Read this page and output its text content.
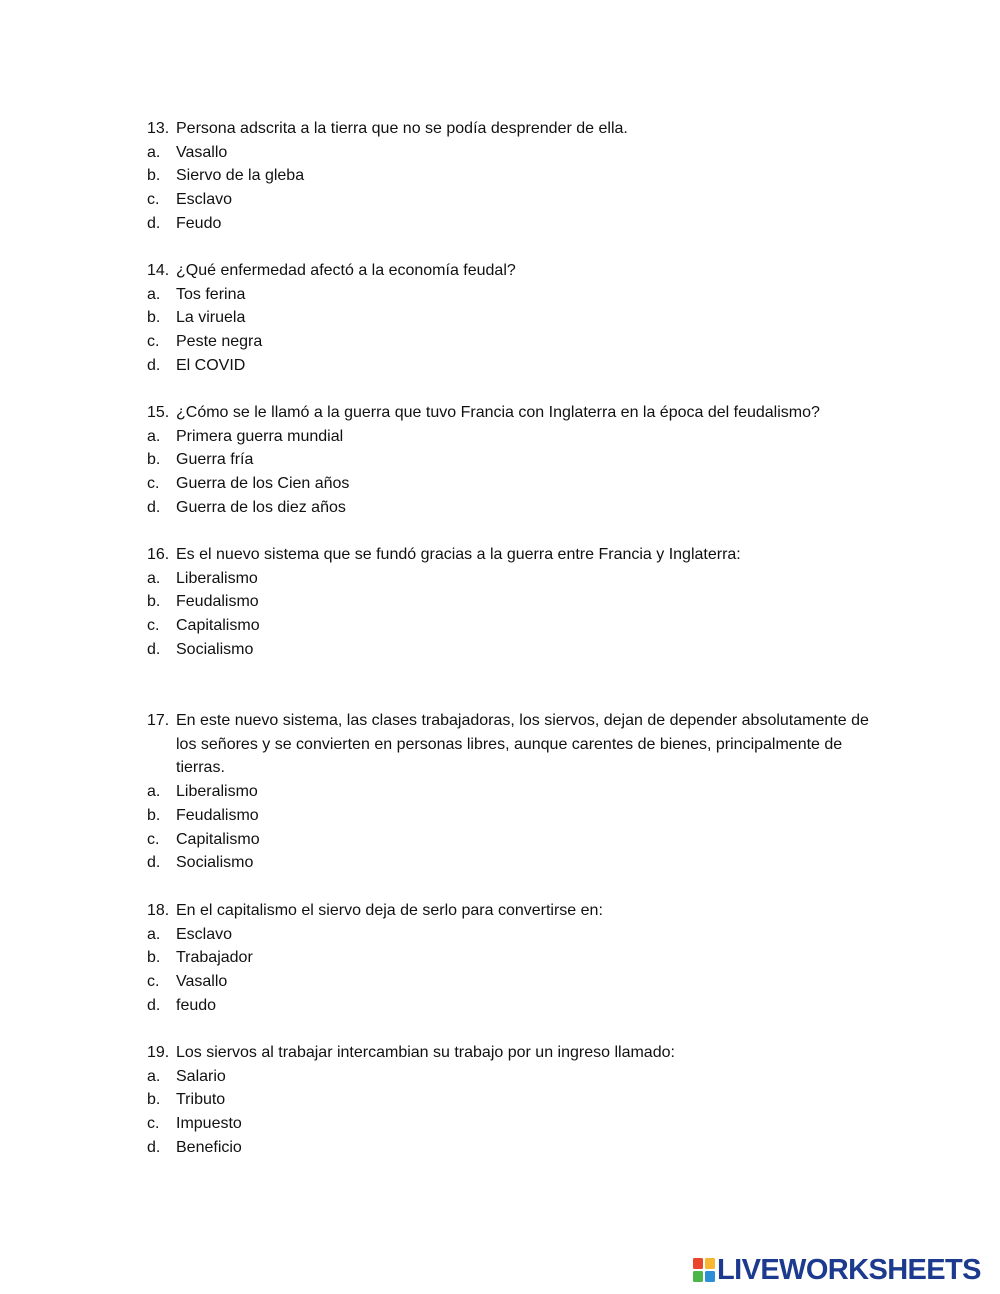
13. Persona adscrita a la tierra que no se podía desprender de ella.
a. Vasallo
b. Siervo de la gleba
c.	Esclavo
d. Feudo
14. ¿Qué enfermedad afectó a la economía feudal?
a. Tos ferina
b. La viruela
c.	Peste negra
d. El COVID
15. ¿Cómo se le llamó a la guerra que tuvo Francia con Inglaterra en la época del feudalismo?
a. Primera guerra mundial
b. Guerra fría
c.	Guerra de los Cien años
d. Guerra de los diez años
16. Es el nuevo sistema que se fundó gracias a la guerra entre Francia y Inglaterra:
a. Liberalismo
b. Feudalismo
c.	Capitalismo
d. Socialismo
17. En este nuevo sistema, las clases trabajadoras, los siervos, dejan de depender absolutamente de los señores y se convierten en personas libres, aunque carentes de bienes, principalmente de tierras.
a. Liberalismo
b. Feudalismo
c.	Capitalismo
d. Socialismo
18. En el capitalismo el siervo deja de serlo para convertirse en:
a. Esclavo
b. Trabajador
c.	Vasallo
d. feudo
19. Los siervos al trabajar intercambian su trabajo por un ingreso llamado:
a. Salario
b. Tributo
c.	Impuesto
d. Beneficio
LIVEWORKSHEETS
